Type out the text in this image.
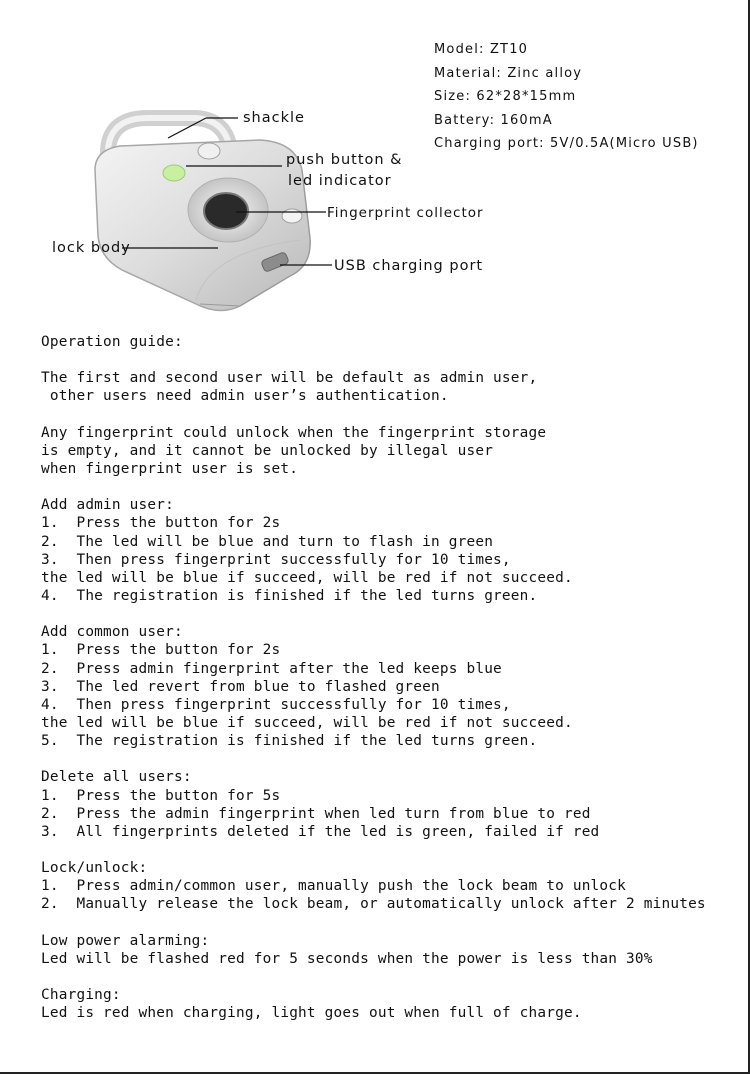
Model: ZT10
Material: Zinc alloy
Size: 62*28*15mm
Battery: 160mA
Charging port: 5V/0.5A(Micro USB)
shackle
push button &
led indicator
Fingerprint collector
lock body
USB charging port
Operation guide:
The first and second user will be default as admin user,
other users need admin user’s authentication.
Any fingerprint could unlock when the fingerprint storage
is empty, and it cannot be unlocked by illegal user
when fingerprint user is set.
Add admin user:
1.  Press the button for 2s
2.  The led will be blue and turn to flash in green
3.  Then press fingerprint successfully for 10 times,
the led will be blue if succeed, will be red if not succeed.
4.  The registration is finished if the led turns green.
Add common user:
1.  Press the button for 2s
2.  Press admin fingerprint after the led keeps blue
3.  The led revert from blue to flashed green
4.  Then press fingerprint successfully for 10 times,
the led will be blue if succeed, will be red if not succeed.
5.  The registration is finished if the led turns green.
Delete all users:
1.  Press the button for 5s
2.  Press the admin fingerprint when led turn from blue to red
3.  All fingerprints deleted if the led is green, failed if red
Lock/unlock:
1.  Press admin/common user, manually push the lock beam to unlock
2.  Manually release the lock beam, or automatically unlock after 2 minutes
Low power alarming:
Led will be flashed red for 5 seconds when the power is less than 30%
Charging:
Led is red when charging, light goes out when full of charge.
